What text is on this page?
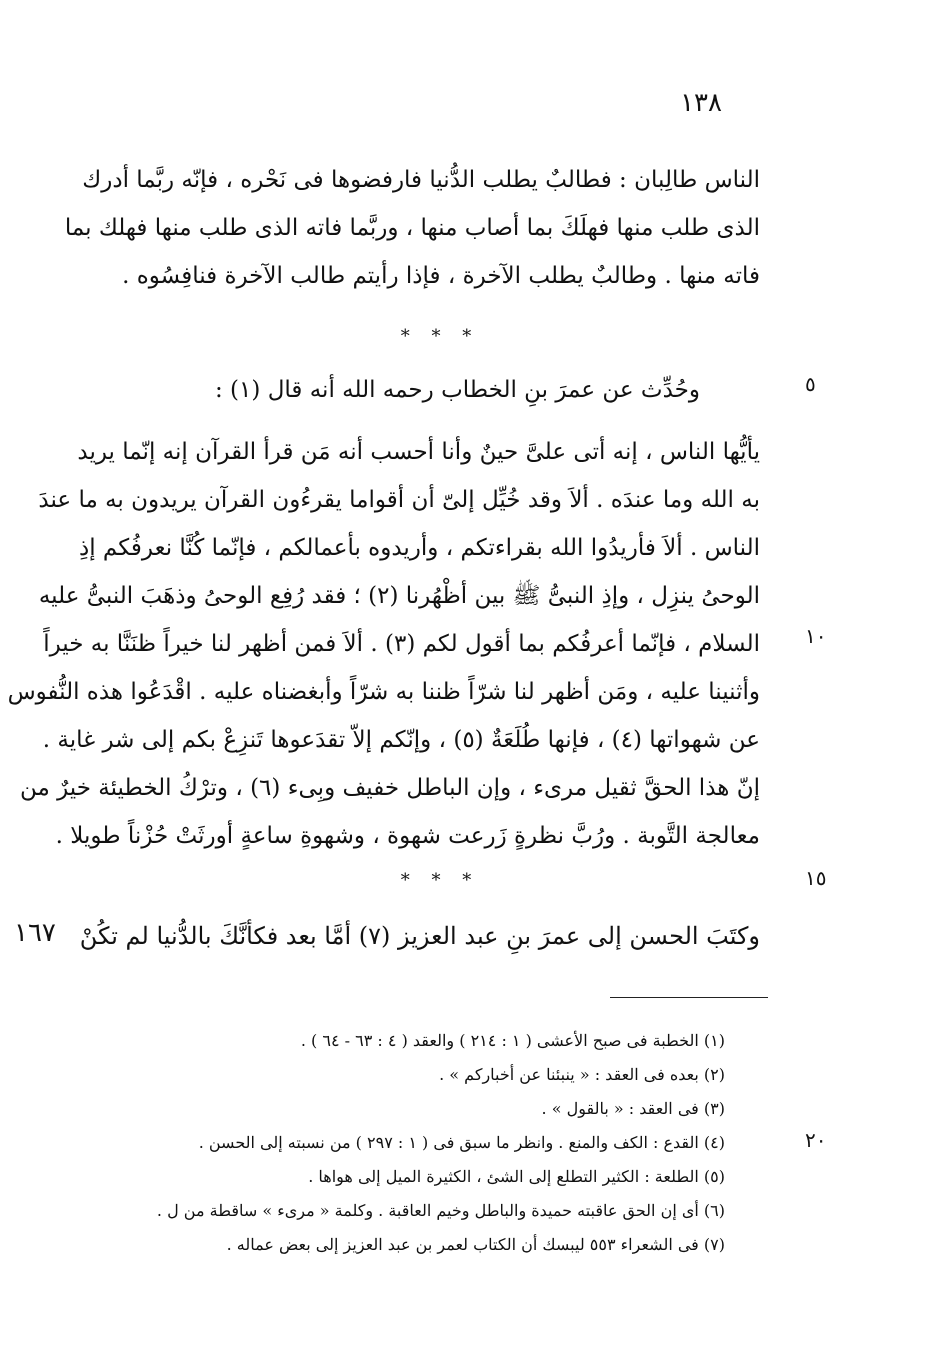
١٣٨
الناس طالِبان : فطالبٌ يطلب الدُّنيا فارفضوها فى نَحْره ، فإنّه ربَّما أدرك
الذى طلب منها فهلَكَ بما أصاب منها ، وربَّما فاته الذى طلب منها فهلك بما
فاته منها . وطالبٌ يطلب الآخرة ، فإذا رأيتم طالب الآخرة فنافِسُوه .
* * *
وحُدِّث عن عمرَ بنِ الخطاب رحمه الله أنه قال (١) :	٥
يأيُّها الناس ، إنه أتى علىَّ حينٌ وأنا أحسب أنه مَن قرأ القرآن إنه إنّما يريد
به الله وما عندَه . ألاَ وقد خُيِّل إلىّ أن أقواما يقرءُون القرآن يريدون به ما عندَ
الناس . ألاَ فأريدُوا الله بقراءتكم ، وأريدوه بأعمالكم ، فإنّما كُنَّا نعرفُكم إذِ
الوحىُ ينزِل ، وإذِ النبىُّ ﷺ بين أظْهُرنا (٢) ؛ فقد رُفِع الوحىُ وذهَبَ النبىُّ عليه
السلام ، فإنّما أعرفُكم بما أقول لكم (٣) . ألاَ فمن أظهر لنا خيراً ظنَنَّا به خيراً
وأثنينا عليه ، ومَن أظهر لنا شرّاً ظننا به شرّاً وأبغضناه عليه . اقْدَعُوا هذه النُّفوس
عن شهواتها (٤) ، فإنها طُلَعَةٌ (٥) ، وإنّكم إلاّ تقدَعوها تَنزِعْ بكم إلى شر غاية .
إنّ هذا الحقَّ ثقيل مرىء ، وإن الباطل خفيف وبِىء (٦) ، وترْكُ الخطيئة خيرٌ من
معالجة التَّوبة . ورُبَّ نظرةٍ زَرعت شهوة ، وشهوةِ ساعةٍ أورثَتْ حُزْناً طويلا .
١٠
* * *	١٥
وكتَبَ الحسن إلى عمرَ بنِ عبد العزيز (٧) أمَّا بعد فكأنَّكَ بالدُّنيا لم تكُنْ
١٦٧
(١) الخطبة فى صبح الأعشى ( ١ : ٢١٤ ) والعقد ( ٤ : ٦٣ - ٦٤ ) .
(٢) بعده فى العقد : « ينبئنا عن أخباركم » .
(٣) فى العقد : « بالقول » .
(٤) القدع : الكف والمنع . وانظر ما سبق فى ( ١ : ٢٩٧ ) من نسبته إلى الحسن .
(٥) الطلعة : الكثير التطلع إلى الشئ ، الكثيرة الميل إلى هواها .
(٦) أى إن الحق عاقبته حميدة والباطل وخيم العاقبة . وكلمة « مرىء » ساقطة من ل .
(٧) فى الشعراء ٥٥٣ ليبسك أن الكتاب لعمر بن عبد العزيز إلى بعض عماله .
٢٠
